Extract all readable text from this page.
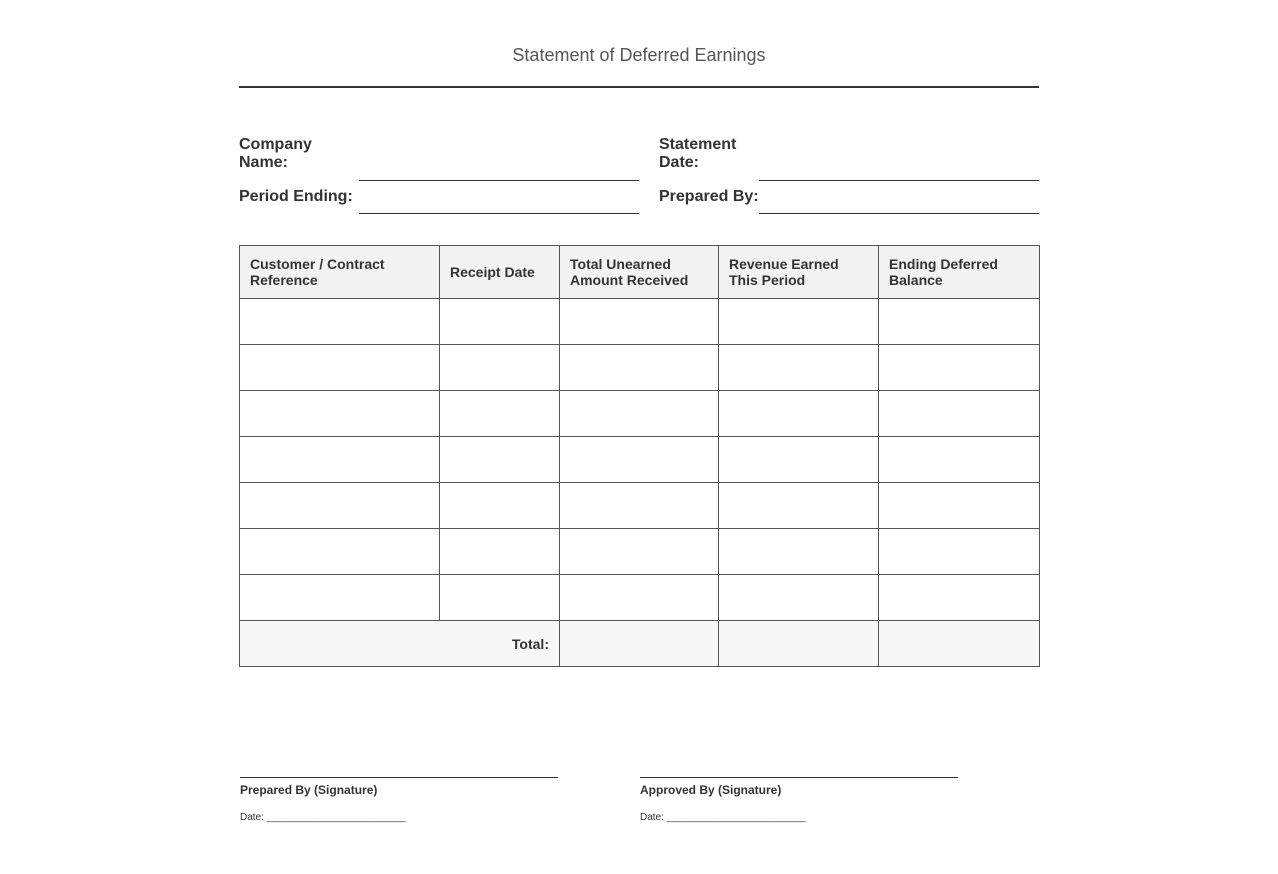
Statement of Deferred Earnings
Company Name:
Statement Date:
Period Ending:	Prepared By:
Customer / Contract Reference	Receipt Date	Total Unearned Amount Received	Revenue Earned This Period	Ending Deferred Balance

Total:				
Prepared By (Signature)
Date: _________________________
Approved By (Signature)
Date: _________________________
